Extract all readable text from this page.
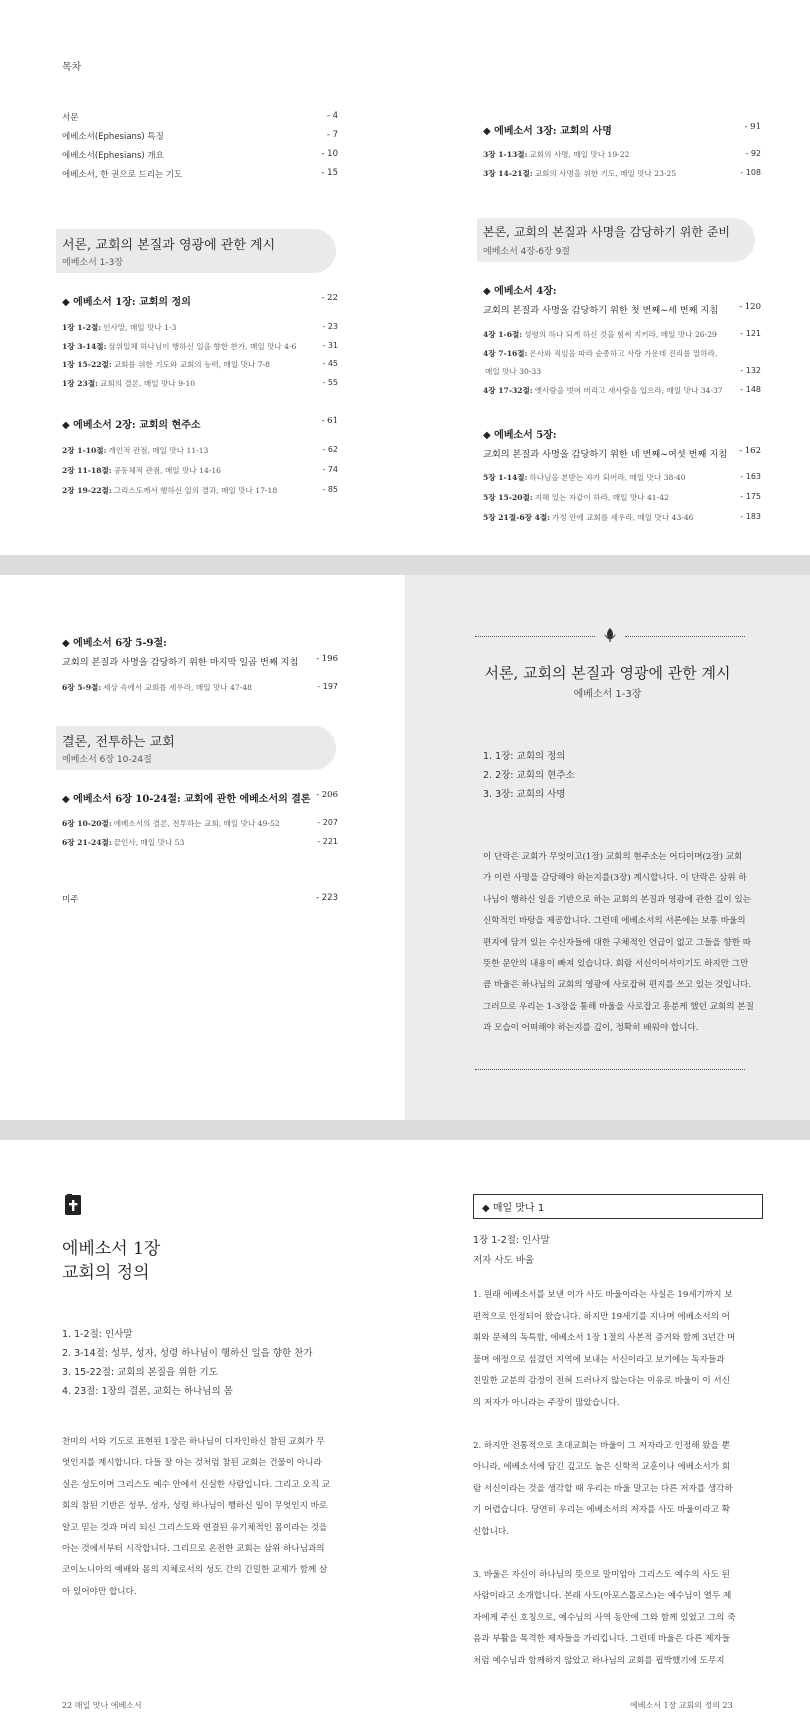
목차
서문	- 4
에베소서(Ephesians) 특징	- 7
에베소서(Ephesians) 개요	- 10
에베소서, 한 권으로 드리는 기도	- 15
서론, 교회의 본질과 영광에 관한 계시
에베소서 1-3장
◆ 에베소서 1장: 교회의 정의	- 22
1장 1-2절: 인사말, 매일 맛나 1-3	- 23
1장 3-14절: 삼위일체 하나님이 행하신 일을 향한 찬가, 매일 맛나 4-6	- 31
1장 15-22절: 교회를 위한 기도와 교회의 능력, 매일 맛나 7-8	- 45
1장 23절: 교회의 결론, 매일 맛나 9-10	- 55
◆ 에베소서 2장: 교회의 현주소	- 61
2장 1-10절: 개인적 관점, 매일 맛나 11-13	- 62
2장 11-18절: 공동체적 관점, 매일 맛나 14-16	- 74
2장 19-22절: 그리스도께서 행하신 일의 결과, 매일 맛나 17-18	- 85
◆ 에베소서 3장: 교회의 사명	- 91
3장 1-13절: 교회의 사명, 매일 맛나 19-22	- 92
3장 14-21절: 교회의 사명을 위한 기도, 매일 맛나 23-25	- 108
본론, 교회의 본질과 사명을 감당하기 위한 준비
에베소서 4장-6장 9절
◆ 에베소서 4장:
교회의 본질과 사명을 감당하기 위한 첫 번째~세 번째 지침 - 120
4장 1-6절: 성령의 하나 되게 하신 것을 힘써 지키라, 매일 맛나 26-29	- 121
4장 7-16절: 은사와 직임을 따라 순종하고 사랑 가운데 진리를 말하라,
매일 맛나 30-33	- 132
4장 17-32절: 옛사람을 벗어 버리고 새사람을 입으라, 매일 맛나 34-37 - 148
◆ 에베소서 5장:
교회의 본질과 사명을 감당하기 위한 네 번째~여섯 번째 지침 - 162
5장 1-14절: 하나님을 본받는 자가 되어라, 매일 맛나 38-40	- 163
5장 15-20절: 지혜 있는 자같이 하라, 매일 맛나 41-42	- 175
5장 21절-6장 4절: 가정 안에 교회를 세우라, 매일 맛나 43-46	- 183
◆ 에베소서 6장 5-9절:
교회의 본질과 사명을 감당하기 위한 마지막 일곱 번째 지침 - 196
6장 5-9절: 세상 속에서 교회를 세우라, 매일 맛나 47-48	- 197
결론, 전투하는 교회
에베소서 6장 10-24절
◆ 에베소서 6장 10-24절: 교회에 관한 에베소서의 결론 - 206
6장 10-20절: 에베소서의 결론, 전투하는 교회, 매일 맛나 49-52	- 207
6장 21-24절: 끝인사, 매일 맛나 53	- 221
미주	- 223
서론, 교회의 본질과 영광에 관한 계시
에베소서 1-3장
1. 1장: 교회의 정의
2. 2장: 교회의 현주소
3. 3장: 교회의 사명
이 단락은 교회가 무엇이고(1장) 교회의 현주소는 어디이며(2장) 교회
가 이런 사명을 감당해야 하는지를(3장) 계시합니다. 이 단락은 삼위 하
나님이 행하신 일을 기반으로 하는 교회의 본질과 영광에 관한 깊이 있는
신학적인 바탕을 제공합니다. 그런데 에베소서의 서론에는 보통 바울의
편지에 담겨 있는 수신자들에 대한 구체적인 언급이 없고 그들을 향한 따
뜻한 문안의 내용이 빠져 있습니다. 회람 서신이어서이기도 하지만 그만
큼 바울은 하나님의 교회의 영광에 사로잡혀 편지를 쓰고 있는 것입니다.
그러므로 우리는 1-3장을 통해 바울을 사로잡고 흥분케 했던 교회의 본질
과 모습이 어떠해야 하는지를 깊이, 정확히 배워야 합니다.
에베소서 1장
교회의 정의
1. 1-2절: 인사말
2. 3-14절: 성부, 성자, 성령 하나님이 행하신 일을 향한 찬가
3. 15-22절: 교회의 본질을 위한 기도
4. 23절: 1장의 결론, 교회는 하나님의 몸
찬미의 서와 기도로 표현된 1장은 하나님이 디자인하신 참된 교회가 무
엇인지를 계시합니다. 다들 잘 아는 것처럼 참된 교회는 건물이 아니라
실은 성도이며 그리스도 예수 안에서 신실한 사람입니다. 그리고 오직 교
회의 참된 기반은 성부, 성자, 성령 하나님이 행하신 일이 무엇인지 바로
알고 믿는 것과 머리 되신 그리스도와 연결된 유기체적인 몸이라는 것을
아는 것에서부터 시작합니다. 그리므로 온전한 교회는 삼위 하나님과의
코이노니아의 예배와 몸의 지체로서의 성도 간의 긴밀한 교제가 함께 살
아 있어야만 합니다.
22 매일 맛나 에베소서
◆ 매일 맛나 1
1장 1-2절: 인사말
저자 사도 바울
1. 원래 에베소서를 보낸 이가 사도 바울이라는 사실은 19세기까지 보
편적으로 인정되어 왔습니다. 하지만 19세기를 지나며 에베소서의 어
휘와 문체의 독특함, 에베소서 1장 1절의 사본적 증거와 함께 3년간 머
물며 애정으로 섬겼던 지역에 보내는 서신이라고 보기에는 독자들과
친밀한 교분의 감정이 전혀 드러나지 않는다는 이유로 바울이 이 서신
의 저자가 아니라는 주장이 많았습니다.
2. 하지만 전통적으로 초대교회는 바울이 그 저자라고 인정해 왔을 뿐
아니라, 에베소서에 담긴 깊고도 높은 신학적 교훈이나 에베소서가 회
람 서신이라는 것을 생각할 때 우리는 바울 말고는 다른 저자를 생각하
기 어렵습니다. 당연히 우리는 에베소서의 저자를 사도 바울이라고 확
신합니다.
3. 바울은 자신이 하나님의 뜻으로 말미암아 그리스도 예수의 사도 된
사람이라고 소개합니다. 본래 사도(아포스톨로스)는 예수님이 열두 제
자에게 주신 호칭으로, 예수님의 사역 동안에 그와 함께 있었고 그의 죽
음과 부활을 목격한 제자들을 가리킵니다. 그런데 바울은 다른 제자들
처럼 예수님과 함께하지 않았고 하나님의 교회를 핍박했기에 도무지
에베소서 1장 교회의 정의 23
